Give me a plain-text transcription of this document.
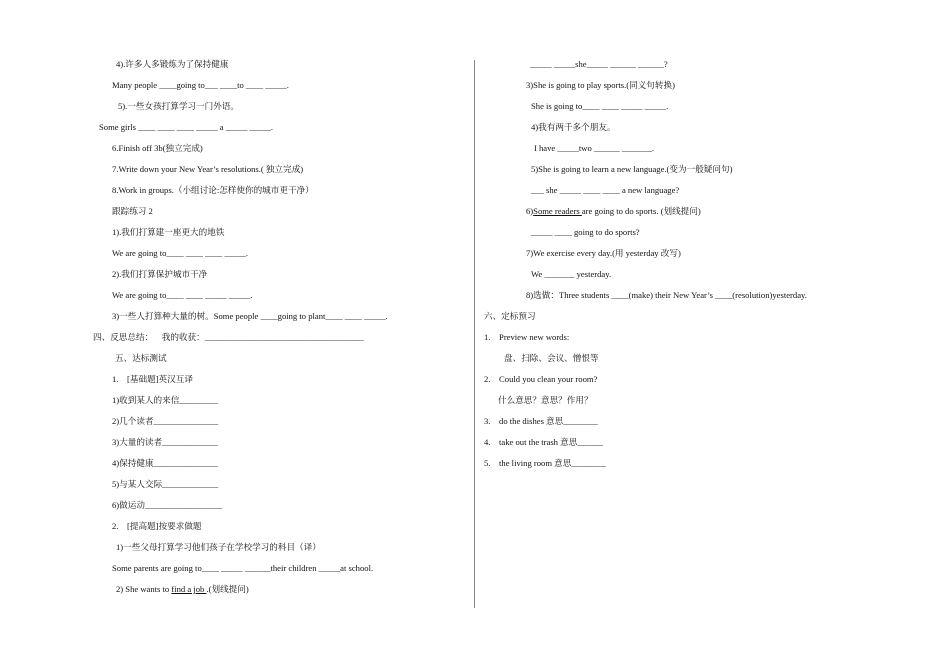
4).许多人多锻炼为了保持健康
Many people ____going to___ ____to ____ _____.
5).一些女孩打算学习一门外语。
Some girls ____ ____ ____ _____ a _____ _____.
6.Finish off 3b(独立完成)
7.Write down your New Year’s resolutions.( 独立完成)
8.Work in groups.（小组讨论:怎样使你的城市更干净）
跟踪练习 2
1).我们打算建一座更大的地铁
We are going to____ ____ ____ _____.
2).我们打算保护城市干净
We are going to____ ____ _____ _____.
3)一些人打算种大量的树。Some people ____going to plant____ ____ _____.
四、反思总结：    我的收获：_____________________________________
五、达标测试
1.    [基础题]英汉互译
1)收到某人的来信_________
2)几个读者_______________
3)大量的读者_____________
4)保持健康_______________
5)与某人交际_____________
6)做运动__________________
2.    [提高题]按要求做题
1)一些父母打算学习他们孩子在学校学习的科目（译）
Some parents are going to____ _____ ______their children _____at school.
2) She wants to find a job .(划线提问)
_____ _____she_____ ______ ______?
3)She is going to play sports.(同义句转换)
She is going to____ ____ _____ _____.
4)我有两千多个朋友。
I have _____two ______ _______.
5)She is going to learn a new language.(变为一般疑问句)
___ she _____ ____ ____ a new language?
6)Some readers are going to do sports. (划线提问)
_____ ____ going to do sports?
7)We exercise every day.(用 yesterday 改写)
We _______ yesterday.
8)选做：Three students ____(make) their New Year’s ____(resolution)yesterday.
六、定标预习
1.    Preview new words:
盘、扫除、会议、憎恨等
2.    Could you clean your room?
什么意思？意思？作用？
3.    do the dishes 意思________
4.    take out the trash 意思______
5.    the living room 意思________
